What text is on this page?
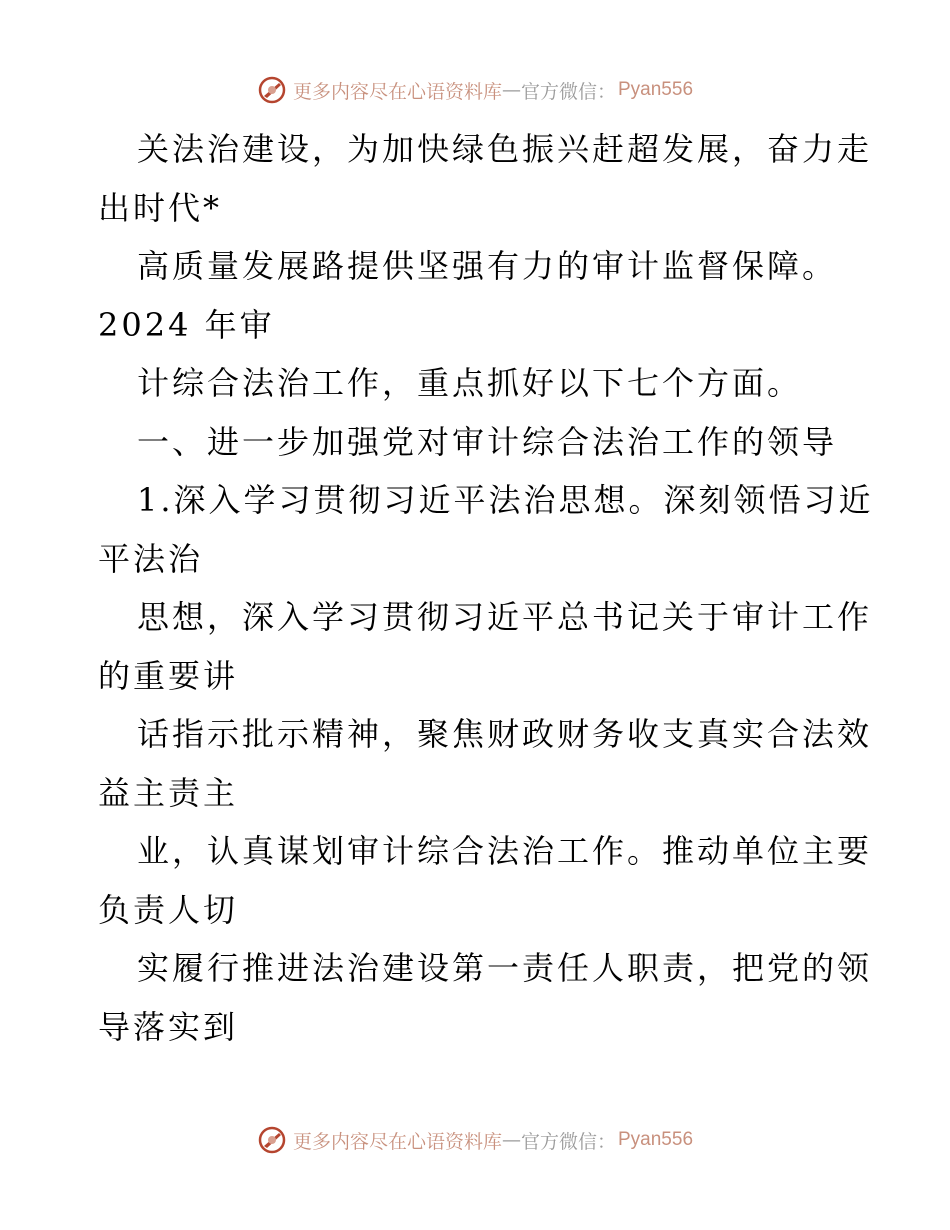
更多内容尽在心语资料库 — 官方微信： Pyan556
关法治建设，为加快绿色振兴赶超发展，奋力走
出时代*
高质量发展路提供坚强有力的审计监督保障。
2024 年审
计综合法治工作，重点抓好以下七个方面。
一、进一步加强党对审计综合法治工作的领导
1.深入学习贯彻习近平法治思想。深刻领悟习近
平法治
思想，深入学习贯彻习近平总书记关于审计工作
的重要讲
话指示批示精神，聚焦财政财务收支真实合法效
益主责主
业，认真谋划审计综合法治工作。推动单位主要
负责人切
实履行推进法治建设第一责任人职责，把党的领
导落实到
更多内容尽在心语资料库 — 官方微信： Pyan556
